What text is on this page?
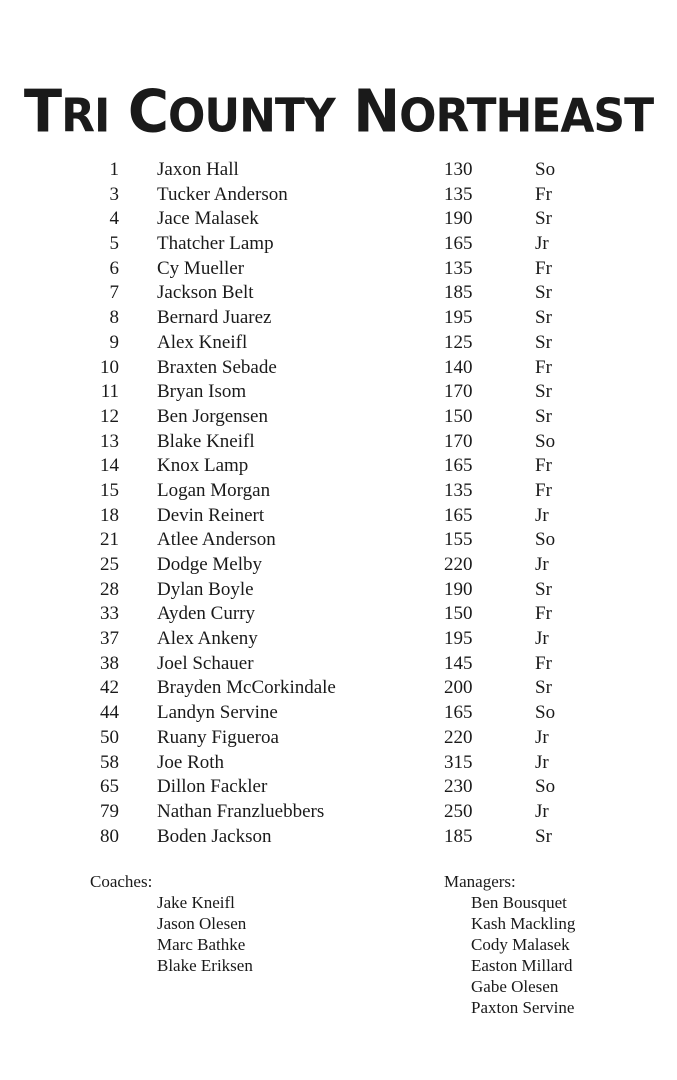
TRI COUNTY NORTHEAST
1 Jaxon Hall	130	So
3 Tucker Anderson	135	Fr
4 Jace Malasek	190	Sr
5 Thatcher Lamp	165	Jr
6 Cy Mueller	135	Fr
7 Jackson Belt	185	Sr
8 Bernard Juarez	195	Sr
9 Alex Kneifl	125	Sr
10 Braxten Sebade	140	Fr
11 Bryan Isom	170	Sr
12 Ben Jorgensen	150	Sr
13 Blake Kneifl	170	So
14 Knox Lamp	165	Fr
15 Logan Morgan	135	Fr
18 Devin Reinert	165	Jr
21 Atlee Anderson	155	So
25 Dodge Melby	220	Jr
28 Dylan Boyle	190	Sr
33 Ayden Curry	150	Fr
37 Alex Ankeny	195	Jr
38 Joel Schauer	145	Fr
42 Brayden McCorkindale	200	Sr
44 Landyn Servine	165	So
50 Ruany Figueroa	220	Jr
58 Joe Roth	315	Jr
65 Dillon Fackler	230	So
79 Nathan Franzluebbers	250	Jr
80 Boden Jackson	185	Sr
Coaches:
Jake Kneifl
Jason Olesen
Marc Bathke
Blake Eriksen
Managers:
Ben Bousquet
Kash Mackling
Cody Malasek
Easton Millard
Gabe Olesen
Paxton Servine
